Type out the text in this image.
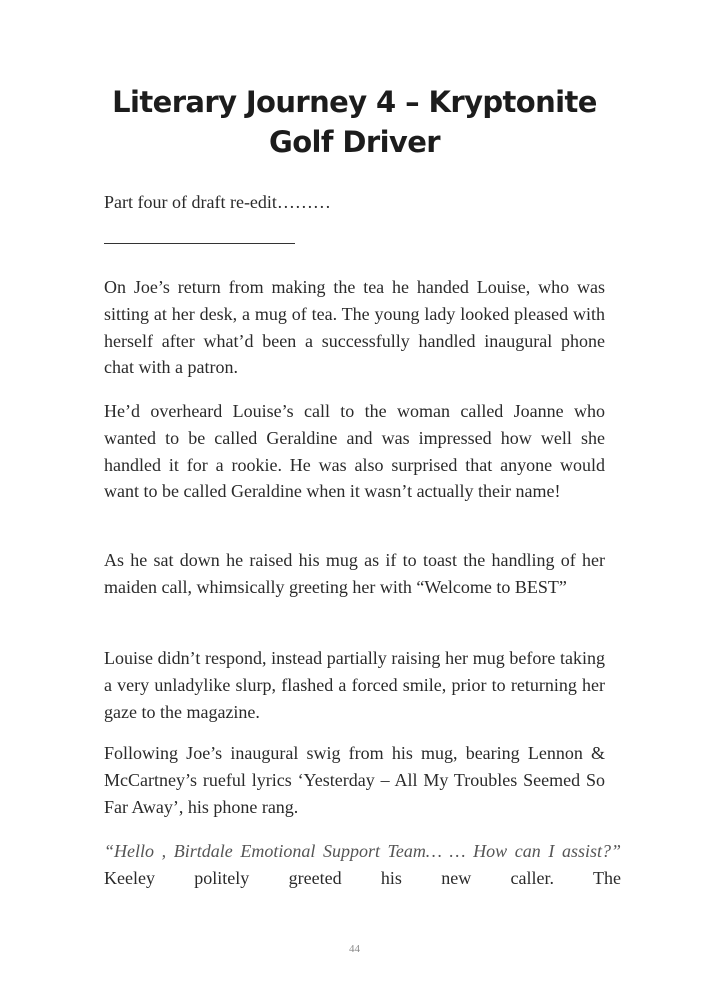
Literary Journey 4 – Kryptonite
Golf Driver

Part four of draft re-edit………

On Joe’s return from making the tea he handed Louise, who was sitting at her desk, a mug of tea. The young lady looked pleased with herself after what’d been a successfully handled inaugural phone chat with a patron.

He’d overheard Louise’s call to the woman called Joanne who wanted to be called Geraldine and was impressed how well she handled it for a rookie. He was also surprised that anyone would want to be called Geraldine when it wasn’t actually their name!

As he sat down he raised his mug as if to toast the handling of her maiden call, whimsically greeting her with “Welcome to BEST”

Louise didn’t respond, instead partially raising her mug before taking a very unladylike slurp, flashed a forced smile, prior to returning her gaze to the magazine.

Following Joe’s inaugural swig from his mug, bearing Lennon & McCartney’s rueful lyrics ‘Yesterday – All My Troubles Seemed So Far Away’, his phone rang.

“Hello , Birtdale Emotional Support Team… … How can I assist?” Keeley politely greeted his new caller. The

44
